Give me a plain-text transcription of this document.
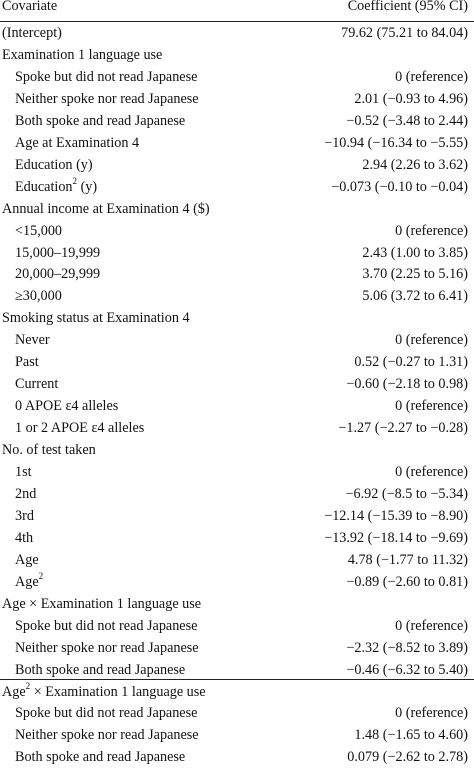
Covariate	Coefficient (95% CI)
(Intercept)	79.62 (75.21 to 84.04)
Examination 1 language use
Spoke but did not read Japanese	0 (reference)
Neither spoke nor read Japanese	2.01 (−0.93 to 4.96)
Both spoke and read Japanese	−0.52 (−3.48 to 2.44)
Age at Examination 4	−10.94 (−16.34 to −5.55)
Education (y)	2.94 (2.26 to 3.62)
Education$^2$ (y)	−0.073 (−0.10 to −0.04)
Annual income at Examination 4 ($)
<15,000	0 (reference)
15,000–19,999	2.43 (1.00 to 3.85)
20,000–29,999	3.70 (2.25 to 5.16)
≥30,000	5.06 (3.72 to 6.41)
Smoking status at Examination 4
Never	0 (reference)
Past	0.52 (−0.27 to 1.31)
Current	−0.60 (−2.18 to 0.98)
0 APOE ε4 alleles	0 (reference)
1 or 2 APOE ε4 alleles	−1.27 (−2.27 to −0.28)
No. of test taken
1st	0 (reference)
2nd	−6.92 (−8.5 to −5.34)
3rd	−12.14 (−15.39 to −8.90)
4th	−13.92 (−18.14 to −9.69)
Age	4.78 (−1.77 to 11.32)
Age$^2$	−0.89 (−2.60 to 0.81)
Age × Examination 1 language use
Spoke but did not read Japanese	0 (reference)
Neither spoke nor read Japanese	−2.32 (−8.52 to 3.89)
Both spoke and read Japanese	−0.46 (−6.32 to 5.40)
Age$^2$ × Examination 1 language use
Spoke but did not read Japanese	0 (reference)
Neither spoke nor read Japanese	1.48 (−1.65 to 4.60)
Both spoke and read Japanese	0.079 (−2.62 to 2.78)
